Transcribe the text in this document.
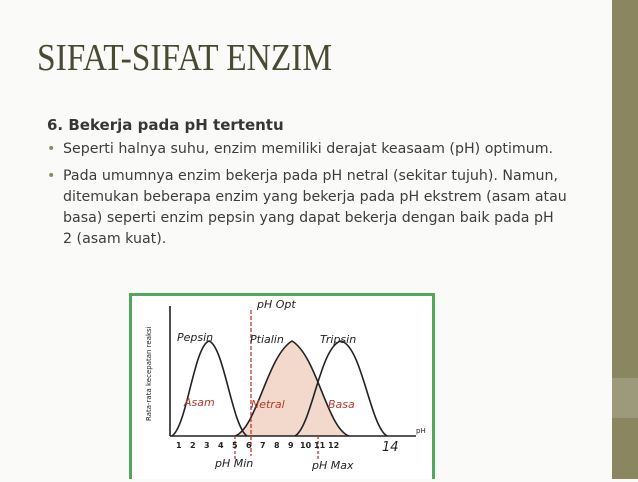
SIFAT-SIFAT ENZIM
6. Bekerja pada pH tertentu
• Seperti halnya suhu, enzim memiliki derajat keasaam (pH) optimum.
• Pada umumnya enzim bekerja pada pH netral (sekitar tujuh). Namun, ditemukan beberapa enzim yang bekerja pada pH ekstrem (asam atau basa) seperti enzim pepsin yang dapat bekerja dengan baik pada pH 2 (asam kuat).
Rata-rata kecepatan reaksi
1 2 3 4 5 6 7 8 9 10 11 12	14
pH
pH Opt
pH Min	pH Max
Pepsin	Ptialin	Tripsin
Asam	Netral	Basa
